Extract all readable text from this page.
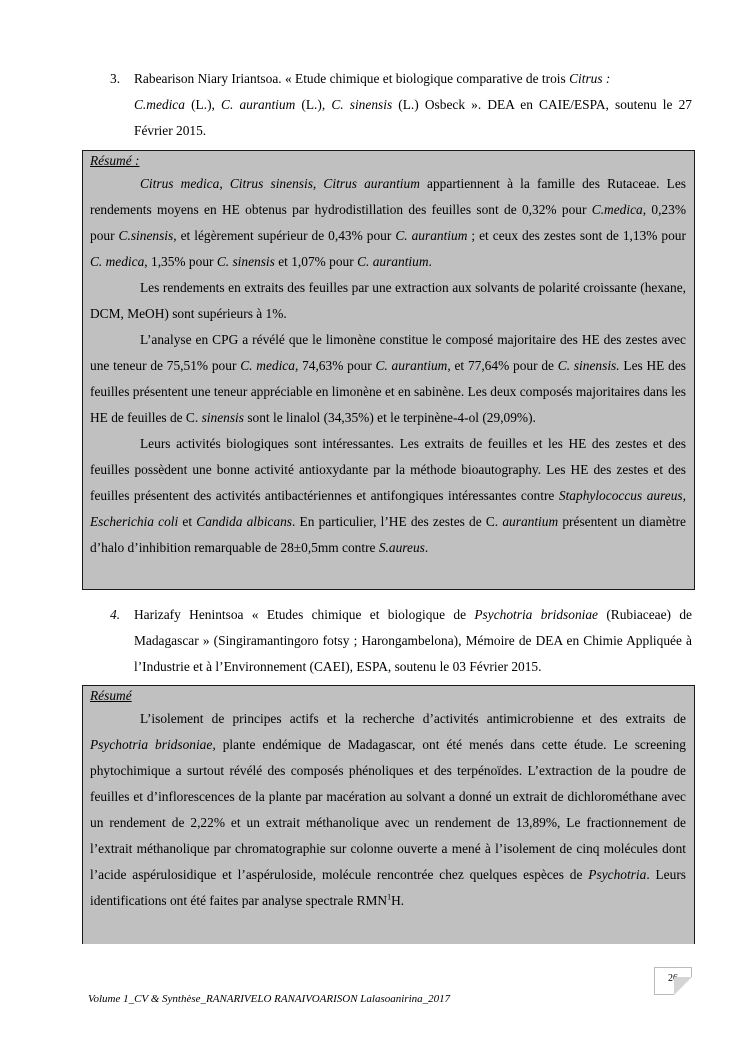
3.	Rabearison Niary Iriantsoa. « Etude chimique et biologique comparative de trois Citrus :
C.medica (L.), C. aurantium (L.), C. sinensis (L.) Osbeck ». DEA en CAIE/ESPA, soutenu le 27 Février 2015.

Résumé :

Citrus medica, Citrus sinensis, Citrus aurantium appartiennent à la famille des Rutaceae. Les rendements moyens en HE obtenus par hydrodistillation des feuilles sont de 0,32% pour C.medica, 0,23% pour C.sinensis, et légèrement supérieur de 0,43% pour C. aurantium ; et ceux des zestes sont de 1,13% pour C. medica, 1,35% pour C. sinensis et 1,07% pour C. aurantium.

Les rendements en extraits des feuilles par une extraction aux solvants de polarité croissante (hexane, DCM, MeOH) sont supérieurs à 1%.

L’analyse en CPG a révélé que le limonène constitue le composé majoritaire des HE des zestes avec une teneur de 75,51% pour C. medica, 74,63% pour C. aurantium, et 77,64% pour de C. sinensis. Les HE des feuilles présentent une teneur appréciable en limonène et en sabinène. Les deux composés majoritaires dans les HE de feuilles de C. sinensis sont le linalol (34,35%) et le terpinène-4-ol (29,09%).

Leurs activités biologiques sont intéressantes. Les extraits de feuilles et les HE des zestes et des feuilles possèdent une bonne activité antioxydante par la méthode bioautography. Les HE des zestes et des feuilles présentent des activités antibactériennes et antifongiques intéressantes contre Staphylococcus aureus, Escherichia coli et Candida albicans. En particulier, l’HE des zestes de C. aurantium présentent un diamètre d’halo d’inhibition remarquable de 28±0,5mm contre S.aureus.

4.	Harizafy Henintsoa « Etudes chimique et biologique de Psychotria bridsoniae (Rubiaceae) de Madagascar » (Singiramantingoro fotsy ; Harongambelona), Mémoire de DEA en Chimie Appliquée à l’Industrie et à l’Environnement (CAEI), ESPA, soutenu le 03 Février 2015.

Résumé

L’isolement de principes actifs et la recherche d’activités antimicrobienne et des extraits de Psychotria bridsoniae, plante endémique de Madagascar, ont été menés dans cette étude. Le screening phytochimique a surtout révélé des composés phénoliques et des terpénoïdes. L’extraction de la poudre de feuilles et d’inflorescences de la plante par macération au solvant a donné un extrait de dichlorométhane avec un rendement de 2,22% et un extrait méthanolique avec un rendement de 13,89%, Le fractionnement de l’extrait méthanolique par chromatographie sur colonne ouverte a mené à l’isolement de cinq molécules dont l’acide aspérulosidique et l’aspéruloside, molécule rencontrée chez quelques espèces de Psychotria. Leurs identifications ont été faites par analyse spectrale RMN$^1$H.

26
Volume 1_CV & Synthèse_RANARIVELO RANAIVOARISON Lalasoanirina_2017
